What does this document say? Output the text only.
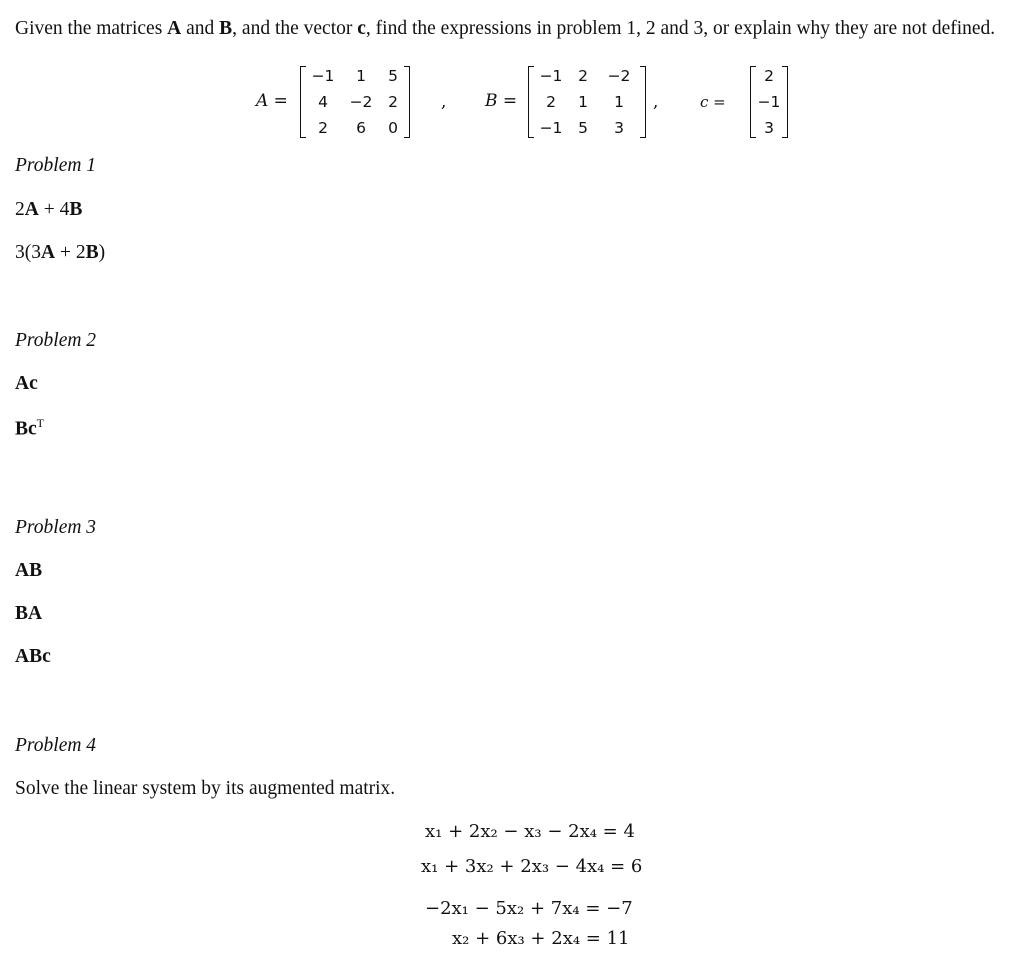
Given the matrices A and B, and the vector c, find the expressions in problem 1, 2 and 3, or explain why they are not defined.
A =
−1	1	5
4	−2	2
2	6	0
, B =
−1	2	−2
2	1	1
−1	5	3
,	c =
2
−1
3
Problem 1
2A + 4B
3(3A + 2B)
Problem 2
Ac
$Bc^T$
Problem 3
AB
BA
ABc
Problem 4
Solve the linear system by its augmented matrix.
x₁ + 2x₂ − x₃ − 2x₄ = 4
x₁ + 3x₂ + 2x₃ − 4x₄ = 6
−2x₁ − 5x₂ + 7x₄ = −7
x₂ + 6x₃ + 2x₄ = 11
